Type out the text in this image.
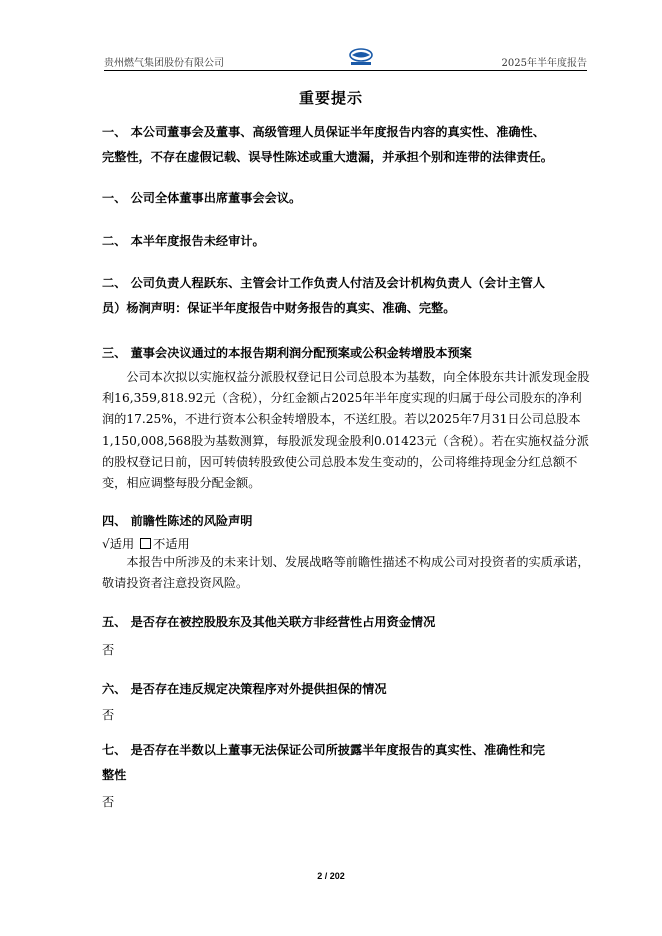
贵州燃气集团股份有限公司	2025年半年度报告
重要提示
一、 本公司董事会及董事、高级管理人员保证半年度报告内容的真实性、准确性、
完整性，不存在虚假记载、误导性陈述或重大遗漏，并承担个别和连带的法律责任。
一、 公司全体董事出席董事会会议。
二、 本半年度报告未经审计。
二、 公司负责人程跃东、主管会计工作负责人付洁及会计机构负责人（会计主管人
员）杨涧声明：保证半年度报告中财务报告的真实、准确、完整。
三、 董事会决议通过的本报告期利润分配预案或公积金转增股本预案
公司本次拟以实施权益分派股权登记日公司总股本为基数，向全体股东共计派发现金股利16,359,818.92元（含税），分红金额占2025年半年度实现的归属于母公司股东的净利润的17.25%，不进行资本公积金转增股本，不送红股。若以2025年7月31日公司总股本1,150,008,568股为基数测算，每股派发现金股利0.01423元（含税）。若在实施权益分派的股权登记日前，因可转债转股致使公司总股本发生变动的，公司将维持现金分红总额不变，相应调整每股分配金额。
四、 前瞻性陈述的风险声明
√适用 不适用
本报告中所涉及的未来计划、发展战略等前瞻性描述不构成公司对投资者的实质承诺，敬请投资者注意投资风险。
五、 是否存在被控股股东及其他关联方非经营性占用资金情况
否
六、 是否存在违反规定决策程序对外提供担保的情况
否
七、 是否存在半数以上董事无法保证公司所披露半年度报告的真实性、准确性和完
整性
否
2 / 202
